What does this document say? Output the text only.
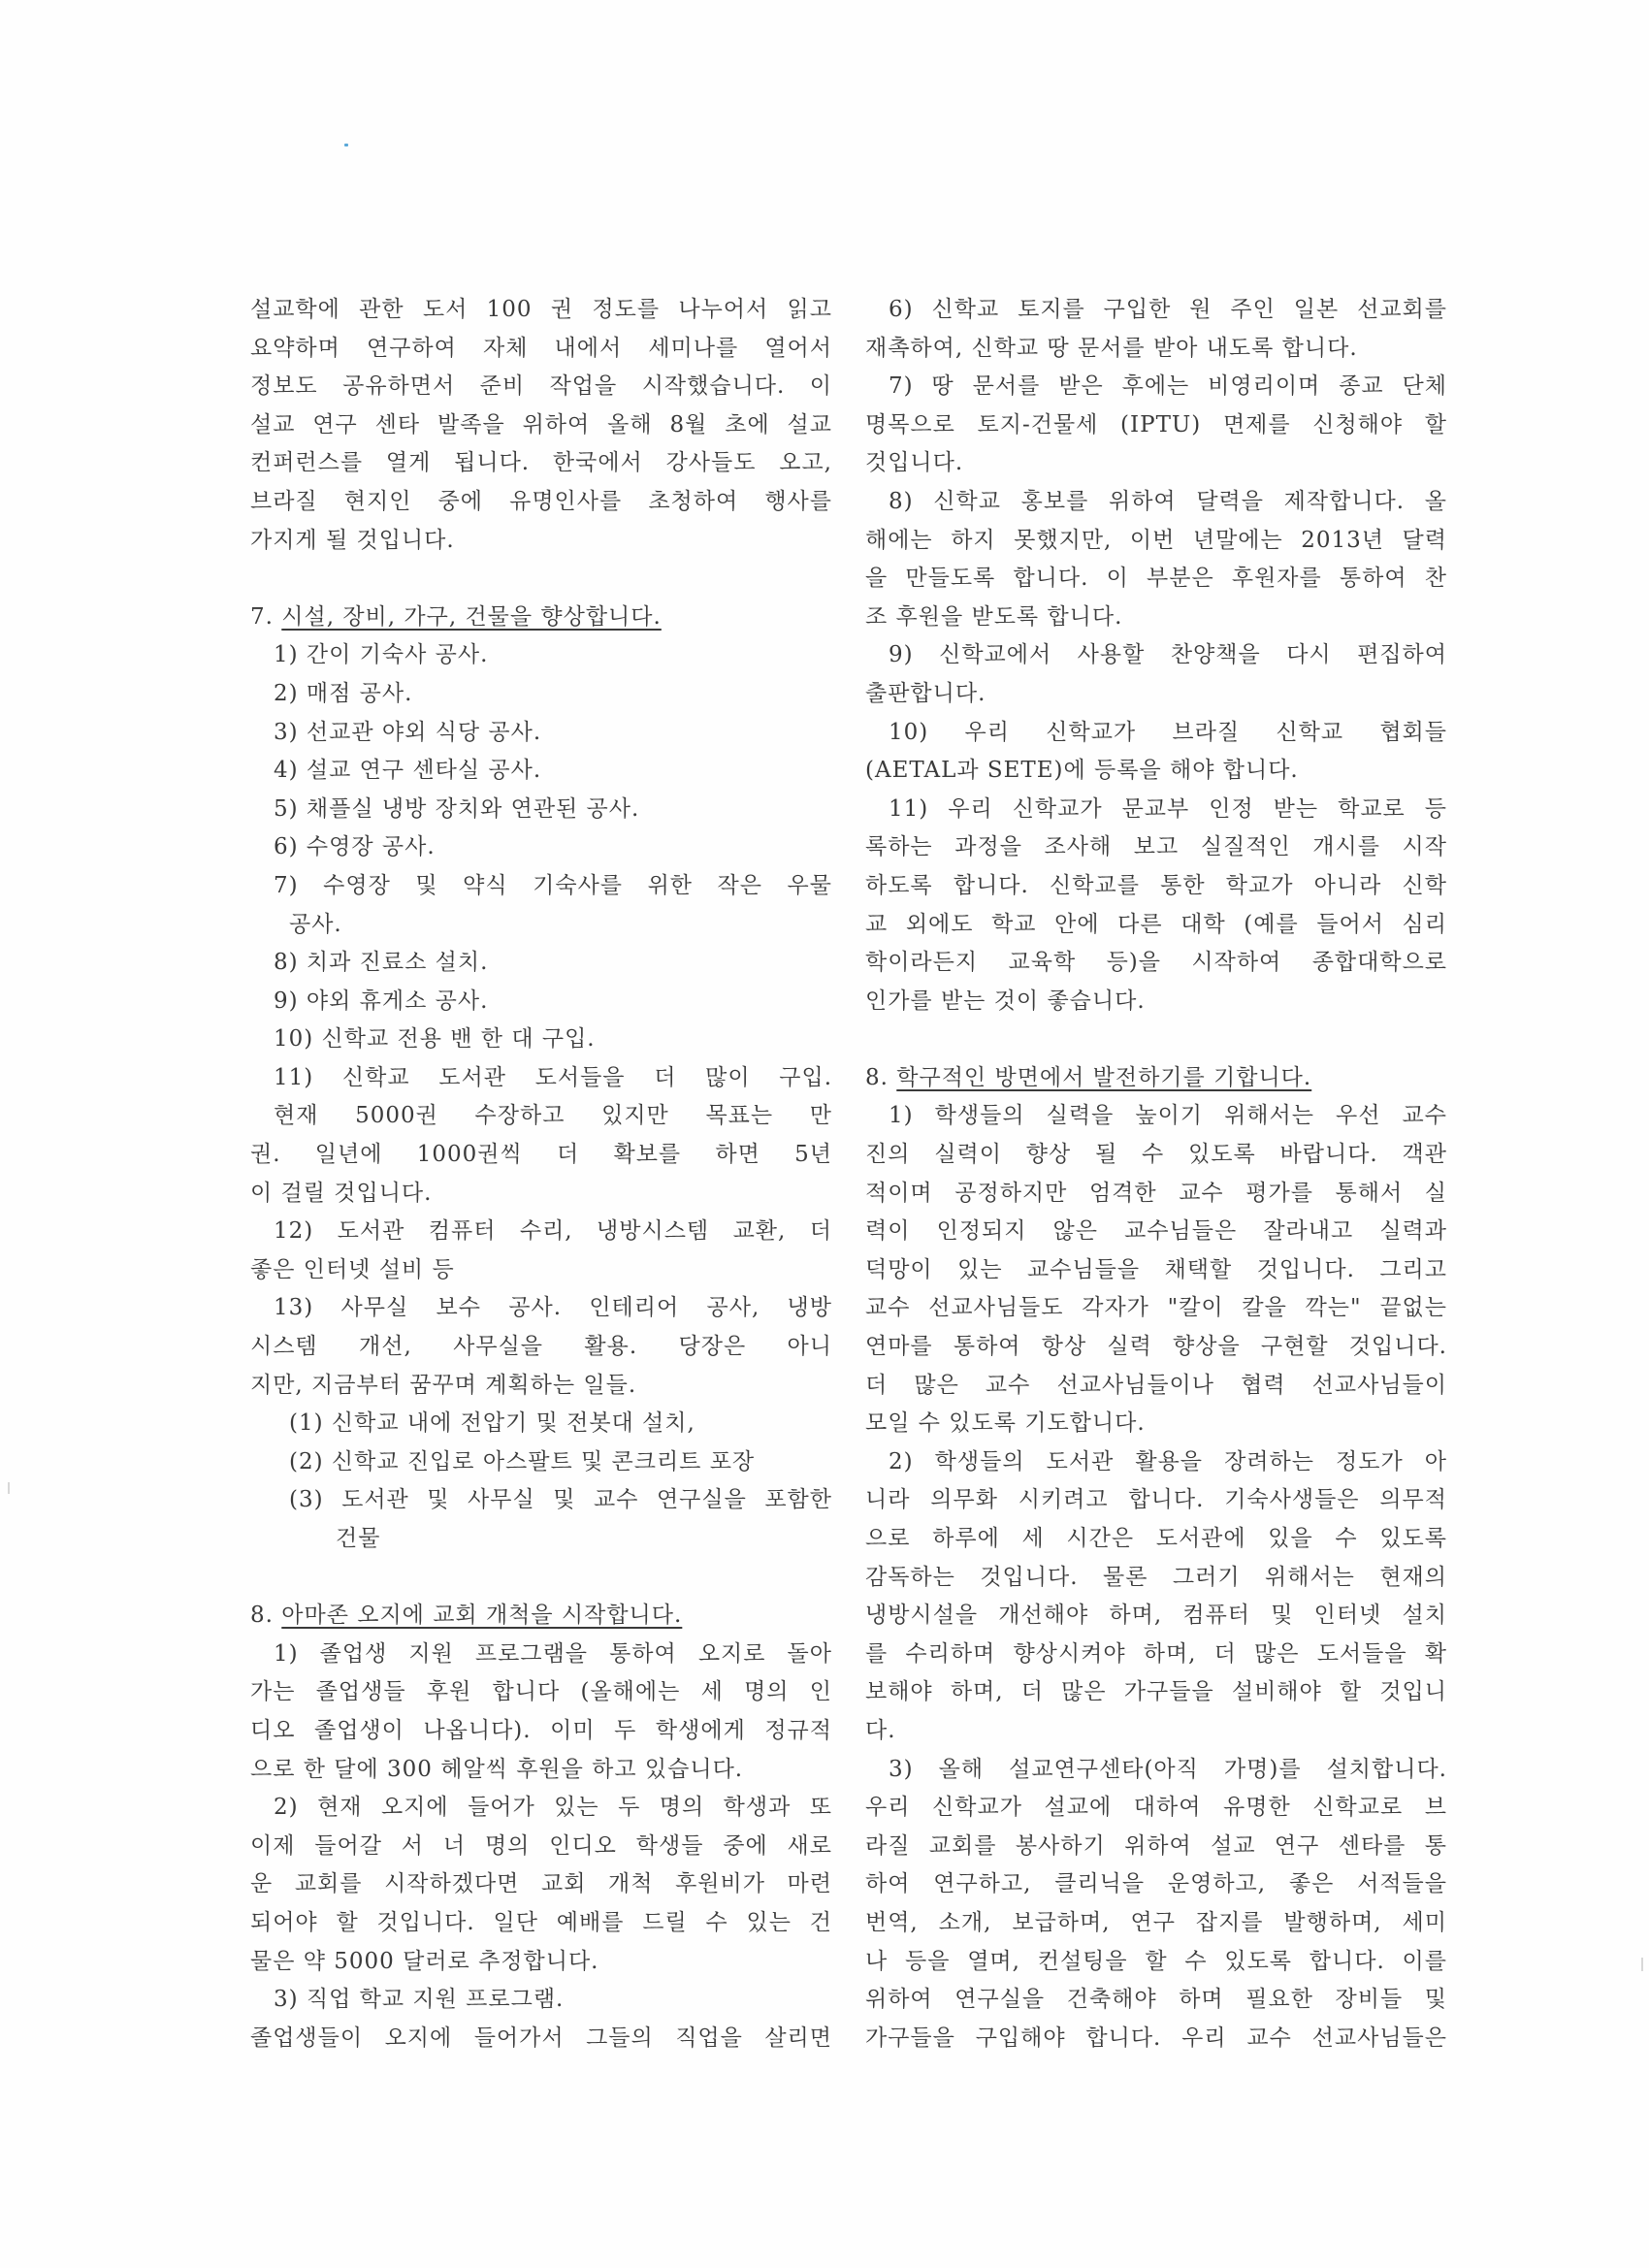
설교학에 관한 도서 100 권 정도를 나누어서 읽고
요약하며 연구하여 자체 내에서 세미나를 열어서
정보도 공유하면서 준비 작업을 시작했습니다. 이
설교 연구 센타 발족을 위하여 올해 8월 초에 설교
컨퍼런스를 열게 됩니다. 한국에서 강사들도 오고,
브라질 현지인 중에 유명인사를 초청하여 행사를
가지게 될 것입니다.
7. 시설, 장비, 가구, 건물을 향상합니다.
1) 간이 기숙사 공사.
2) 매점 공사.
3) 선교관 야외 식당 공사.
4) 설교 연구 센타실 공사.
5) 채플실 냉방 장치와 연관된 공사.
6) 수영장 공사.
7) 수영장 및 약식 기숙사를 위한 작은 우물
공사.
8) 치과 진료소 설치.
9) 야외 휴게소 공사.
10) 신학교 전용 밴 한 대 구입.
11) 신학교 도서관 도서들을 더 많이 구입.
현재 5000권 수장하고 있지만 목표는 만
권. 일년에 1000권씩 더 확보를 하면 5년
이 걸릴 것입니다.
12) 도서관 컴퓨터 수리, 냉방시스템 교환, 더
좋은 인터넷 설비 등
13) 사무실 보수 공사. 인테리어 공사, 냉방
시스템 개선, 사무실을 활용. 당장은 아니
지만, 지금부터 꿈꾸며 계획하는 일들.
(1) 신학교 내에 전압기 및 전봇대 설치,
(2) 신학교 진입로 아스팔트 및 콘크리트 포장
(3) 도서관 및 사무실 및 교수 연구실을 포함한
건물
8. 아마존 오지에 교회 개척을 시작합니다.
1) 졸업생 지원 프로그램을 통하여 오지로 돌아
가는 졸업생들 후원 합니다 (올해에는 세 명의 인
디오 졸업생이 나옵니다). 이미 두 학생에게 정규적
으로 한 달에 300 헤알씩 후원을 하고 있습니다.
2) 현재 오지에 들어가 있는 두 명의 학생과 또
이제 들어갈 서 너 명의 인디오 학생들 중에 새로
운 교회를 시작하겠다면 교회 개척 후원비가 마련
되어야 할 것입니다. 일단 예배를 드릴 수 있는 건
물은 약 5000 달러로 추정합니다.
3) 직업 학교 지원 프로그램.
졸업생들이 오지에 들어가서 그들의 직업을 살리면
6) 신학교 토지를 구입한 원 주인 일본 선교회를
재촉하여, 신학교 땅 문서를 받아 내도록 합니다.
7) 땅 문서를 받은 후에는 비영리이며 종교 단체
명목으로 토지-건물세 (IPTU) 면제를 신청해야 할
것입니다.
8) 신학교 홍보를 위하여 달력을 제작합니다. 올
해에는 하지 못했지만, 이번 년말에는 2013년 달력
을 만들도록 합니다. 이 부분은 후원자를 통하여 찬
조 후원을 받도록 합니다.
9) 신학교에서 사용할 찬양책을 다시 편집하여
출판합니다.
10) 우리 신학교가 브라질 신학교 협회들
(AETAL과 SETE)에 등록을 해야 합니다.
11) 우리 신학교가 문교부 인정 받는 학교로 등
록하는 과정을 조사해 보고 실질적인 개시를 시작
하도록 합니다. 신학교를 통한 학교가 아니라 신학
교 외에도 학교 안에 다른 대학 (예를 들어서 심리
학이라든지 교육학 등)을 시작하여 종합대학으로
인가를 받는 것이 좋습니다.
8. 학구적인 방면에서 발전하기를 기합니다.
1) 학생들의 실력을 높이기 위해서는 우선 교수
진의 실력이 향상 될 수 있도록 바랍니다. 객관
적이며 공정하지만 엄격한 교수 평가를 통해서 실
력이 인정되지 않은 교수님들은 잘라내고 실력과
덕망이 있는 교수님들을 채택할 것입니다. 그리고
교수 선교사님들도 각자가 "칼이 칼을 깍는" 끝없는
연마를 통하여 항상 실력 향상을 구현할 것입니다.
더 많은 교수 선교사님들이나 협력 선교사님들이
모일 수 있도록 기도합니다.
2) 학생들의 도서관 활용을 장려하는 정도가 아
니라 의무화 시키려고 합니다. 기숙사생들은 의무적
으로 하루에 세 시간은 도서관에 있을 수 있도록
감독하는 것입니다. 물론 그러기 위해서는 현재의
냉방시설을 개선해야 하며, 컴퓨터 및 인터넷 설치
를 수리하며 향상시켜야 하며, 더 많은 도서들을 확
보해야 하며, 더 많은 가구들을 설비해야 할 것입니
다.
3) 올해 설교연구센타(아직 가명)를 설치합니다.
우리 신학교가 설교에 대하여 유명한 신학교로 브
라질 교회를 봉사하기 위하여 설교 연구 센타를 통
하여 연구하고, 클리닉을 운영하고, 좋은 서적들을
번역, 소개, 보급하며, 연구 잡지를 발행하며, 세미
나 등을 열며, 컨설팅을 할 수 있도록 합니다. 이를
위하여 연구실을 건축해야 하며 필요한 장비들 및
가구들을 구입해야 합니다. 우리 교수 선교사님들은
